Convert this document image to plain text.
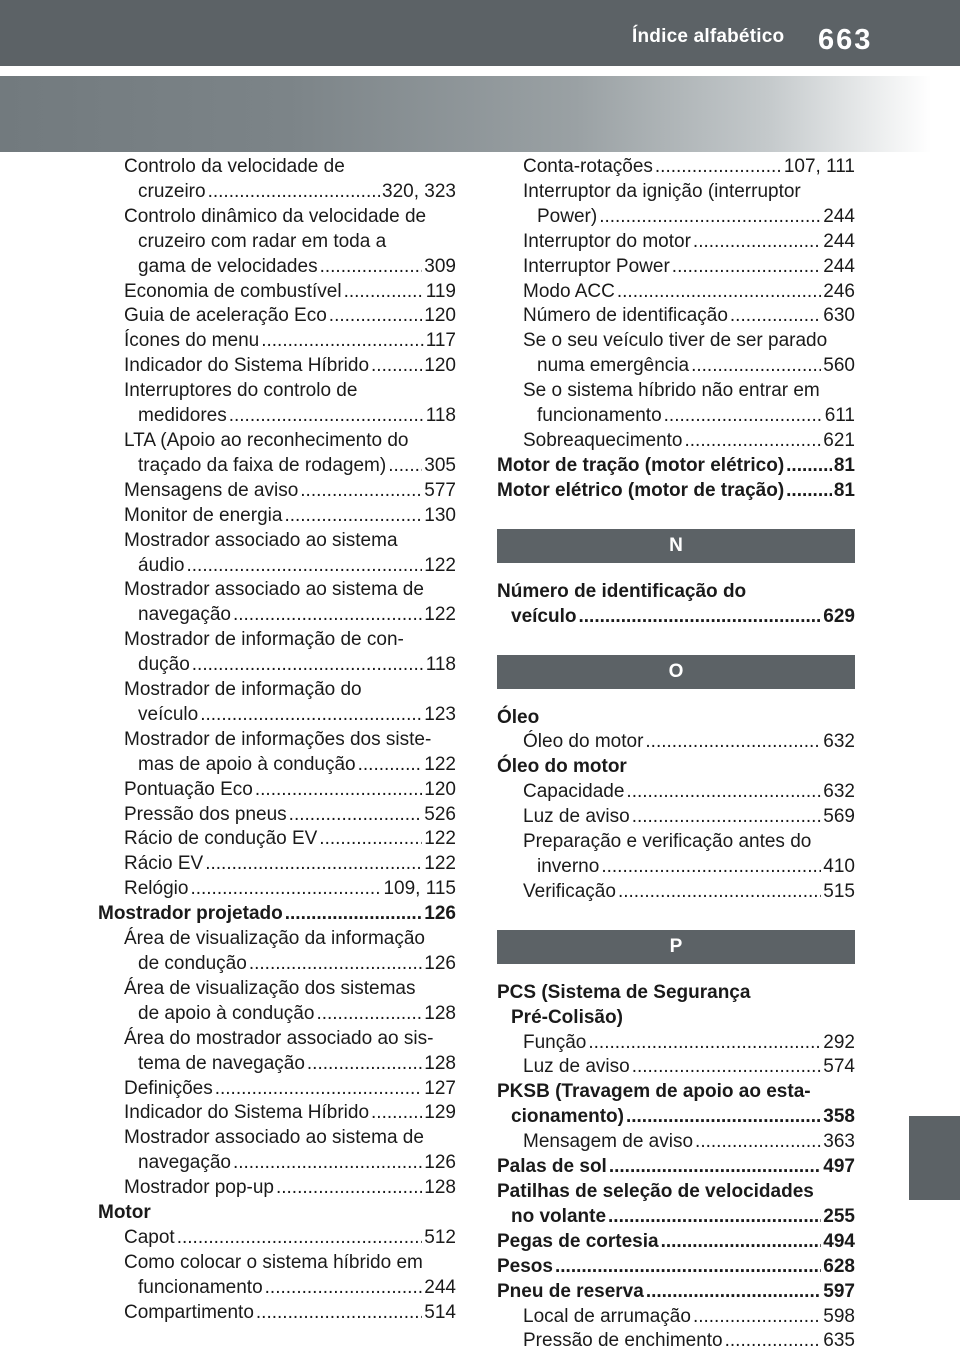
Índice alfabético 663
Controlo da velocidade de
cruzeiro .....	320, 323
Controlo dinâmico da velocidade de
cruzeiro com radar em toda a
gama de velocidades .....	309
Economia de combustível .....	119
Guia de aceleração Eco .....	120
Ícones do menu .....	117
Indicador do Sistema Híbrido .....	120
Interruptores do controlo de
medidores .....	118
LTA (Apoio ao reconhecimento do
traçado da faixa de rodagem) ..... 305
Mensagens de aviso .....	577
Monitor de energia .....	130
Mostrador associado ao sistema
áudio .....	122
Mostrador associado ao sistema de
navegação .....	122
Mostrador de informação de con-
dução .....	118
Mostrador de informação do
veículo .....	123
Mostrador de informações dos siste-
mas de apoio à condução .....	122
Pontuação Eco .....	120
Pressão dos pneus .....	526
Rácio de condução EV .....	122
Rácio EV .....	122
Relógio .....	109, 115
Mostrador projetado .....	126
Área de visualização da informação
de condução .....	126
Área de visualização dos sistemas
de apoio à condução .....	128
Área do mostrador associado ao sis-
tema de navegação .....	128
Definições .....	127
Indicador do Sistema Híbrido .....	129
Mostrador associado ao sistema de
navegação .....	126
Mostrador pop-up .....	128
Motor
Capot .....	512
Como colocar o sistema híbrido em
funcionamento .....	244
Compartimento .....	514
Conta-rotações .....	107, 111
Interruptor da ignição (interruptor
Power) .....	244
Interruptor do motor .....	244
Interruptor Power .....	244
Modo ACC .....	246
Número de identificação .....	630
Se o seu veículo tiver de ser parado
numa emergência .....	560
Se o sistema híbrido não entrar em
funcionamento .....	611
Sobreaquecimento .....	621
Motor de tração (motor elétrico) .....	81
Motor elétrico (motor de tração) .....	81
N
Número de identificação do
veículo .....	629
O
Óleo
Óleo do motor .....	632
Óleo do motor
Capacidade .....	632
Luz de aviso .....	569
Preparação e verificação antes do
inverno .....	410
Verificação .....	515
P
PCS (Sistema de Segurança
Pré-Colisão)
Função .....	292
Luz de aviso .....	574
PKSB (Travagem de apoio ao esta-
cionamento) .....	358
Mensagem de aviso .....	363
Palas de sol .....	497
Patilhas de seleção de velocidades
no volante .....	255
Pegas de cortesia .....	494
Pesos .....	628
Pneu de reserva .....	597
Local de arrumação .....	598
Pressão de enchimento .....	635
